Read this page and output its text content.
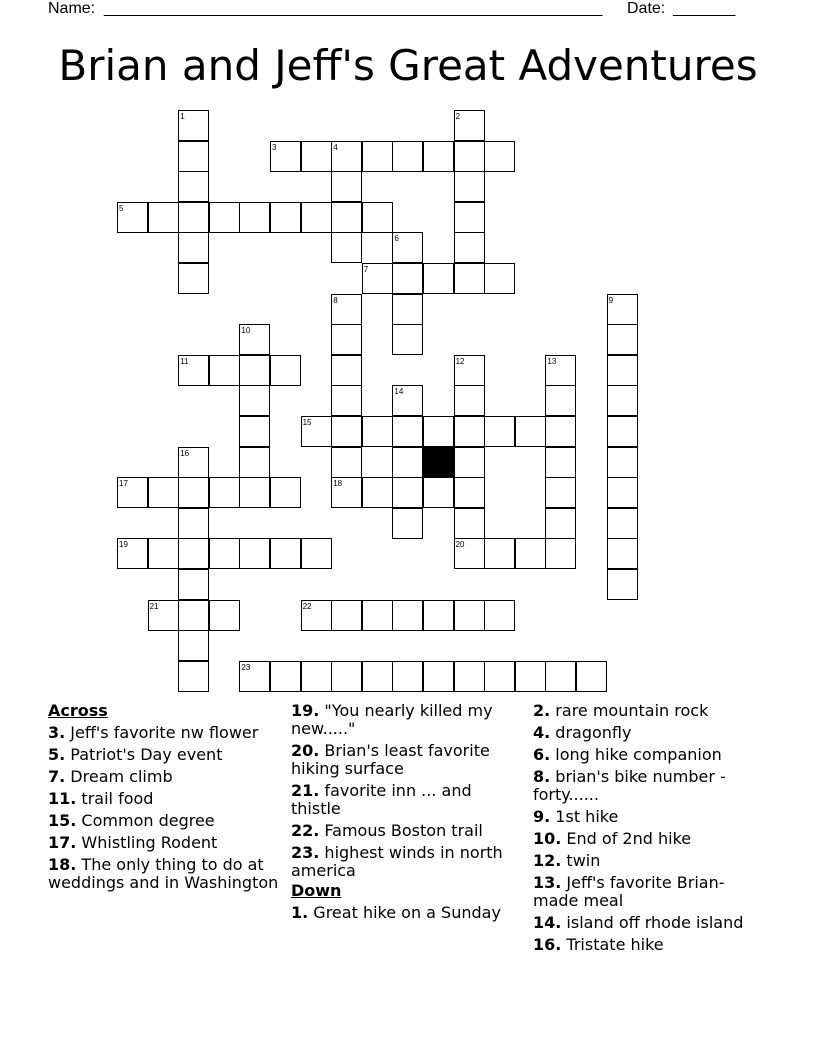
Name: ________________________________________________________ Date: _______
Brian and Jeff's Great Adventures
1	2
3	4
5
6
7
8	9
10
11	12	13
14
15
16
17	18
19	20
21	22
23
Across
3. Jeff's favorite nw flower
5. Patriot's Day event
7. Dream climb
11. trail food
15. Common degree
17. Whistling Rodent
18. The only thing to do at weddings and in Washington
19. "You nearly killed my new....."
20. Brian's least favorite hiking surface
21. favorite inn ... and thistle
22. Famous Boston trail
23. highest winds in north america
Down
1. Great hike on a Sunday
2. rare mountain rock
4. dragonfly
6. long hike companion
8. brian's bike number - forty......
9. 1st hike
10. End of 2nd hike
12. twin
13. Jeff's favorite Brian-made meal
14. island off rhode island
16. Tristate hike
